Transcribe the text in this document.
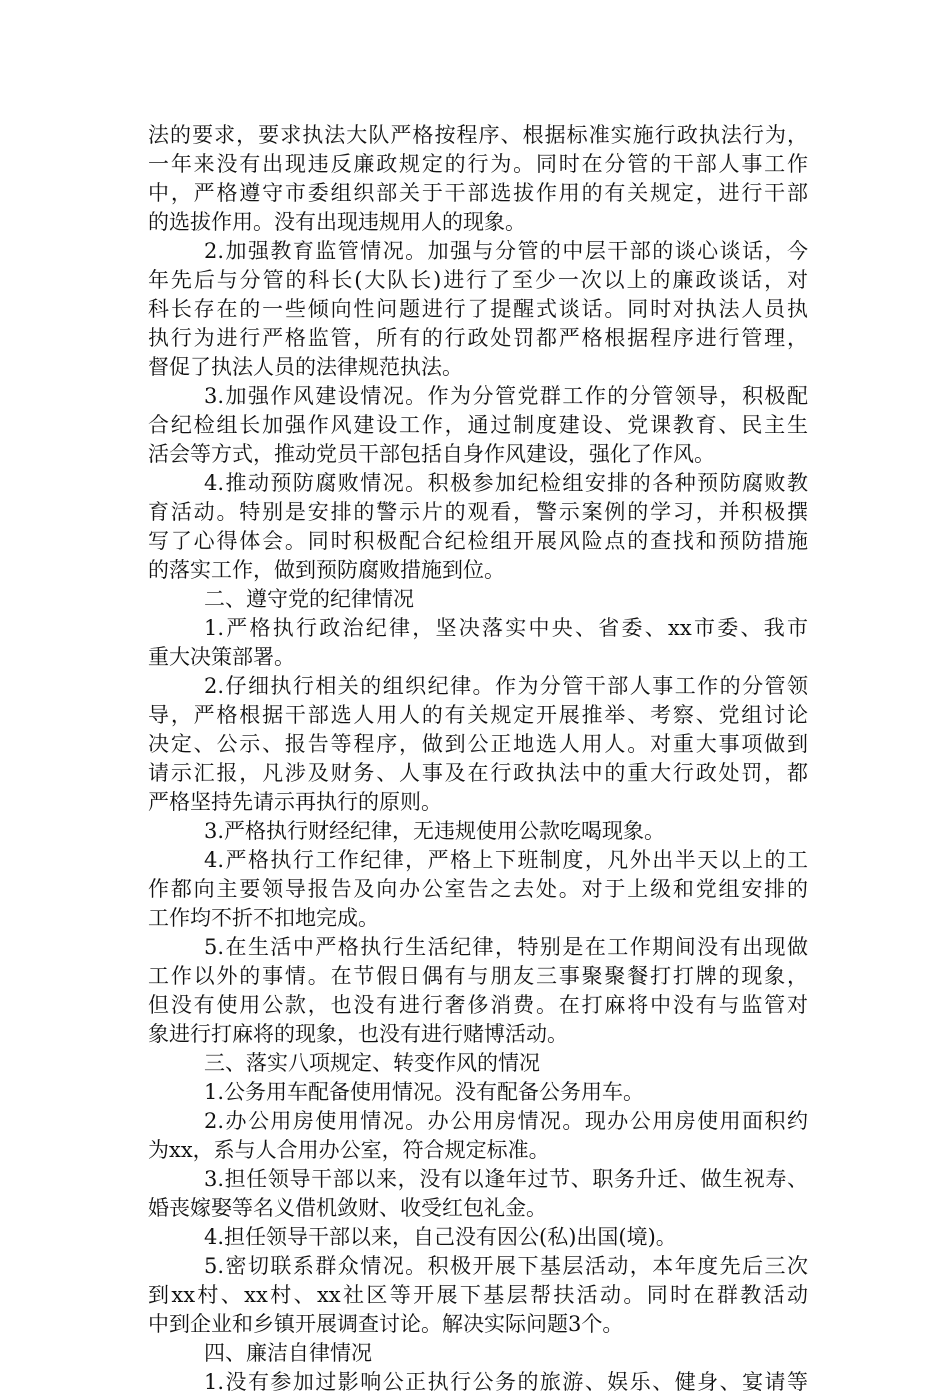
法的要求，要求执法大队严格按程序、根据标准实施行政执法行为，
一年来没有出现违反廉政规定的行为。同时在分管的干部人事工作
中，严格遵守市委组织部关于干部选拔作用的有关规定，进行干部
的选拔作用。没有出现违规用人的现象。
2.加强教育监管情况。加强与分管的中层干部的谈心谈话，今
年先后与分管的科长(大队长)进行了至少一次以上的廉政谈话，对
科长存在的一些倾向性问题进行了提醒式谈话。同时对执法人员执
执行为进行严格监管，所有的行政处罚都严格根据程序进行管理，
督促了执法人员的法律规范执法。
3.加强作风建设情况。作为分管党群工作的分管领导，积极配
合纪检组长加强作风建设工作，通过制度建设、党课教育、民主生
活会等方式，推动党员干部包括自身作风建设，强化了作风。
4.推动预防腐败情况。积极参加纪检组安排的各种预防腐败教
育活动。特别是安排的警示片的观看，警示案例的学习，并积极撰
写了心得体会。同时积极配合纪检组开展风险点的查找和预防措施
的落实工作，做到预防腐败措施到位。
二、遵守党的纪律情况
1.严格执行政治纪律，坚决落实中央、省委、xx市委、我市
重大决策部署。
2.仔细执行相关的组织纪律。作为分管干部人事工作的分管领
导，严格根据干部选人用人的有关规定开展推举、考察、党组讨论
决定、公示、报告等程序，做到公正地选人用人。对重大事项做到
请示汇报，凡涉及财务、人事及在行政执法中的重大行政处罚，都
严格坚持先请示再执行的原则。
3.严格执行财经纪律，无违规使用公款吃喝现象。
4.严格执行工作纪律，严格上下班制度，凡外出半天以上的工
作都向主要领导报告及向办公室告之去处。对于上级和党组安排的
工作均不折不扣地完成。
5.在生活中严格执行生活纪律，特别是在工作期间没有出现做
工作以外的事情。在节假日偶有与朋友三事聚聚餐打打牌的现象，
但没有使用公款，也没有进行奢侈消费。在打麻将中没有与监管对
象进行打麻将的现象，也没有进行赌博活动。
三、落实八项规定、转变作风的情况
1.公务用车配备使用情况。没有配备公务用车。
2.办公用房使用情况。办公用房情况。现办公用房使用面积约
为xx，系与人合用办公室，符合规定标准。
3.担任领导干部以来，没有以逢年过节、职务升迁、做生祝寿、
婚丧嫁娶等名义借机敛财、收受红包礼金。
4.担任领导干部以来，自己没有因公(私)出国(境)。
5.密切联系群众情况。积极开展下基层活动，本年度先后三次
到xx村、xx村、xx社区等开展下基层帮扶活动。同时在群教活动
中到企业和乡镇开展调查讨论。解决实际问题3个。
四、廉洁自律情况
1.没有参加过影响公正执行公务的旅游、娱乐、健身、宴请等
